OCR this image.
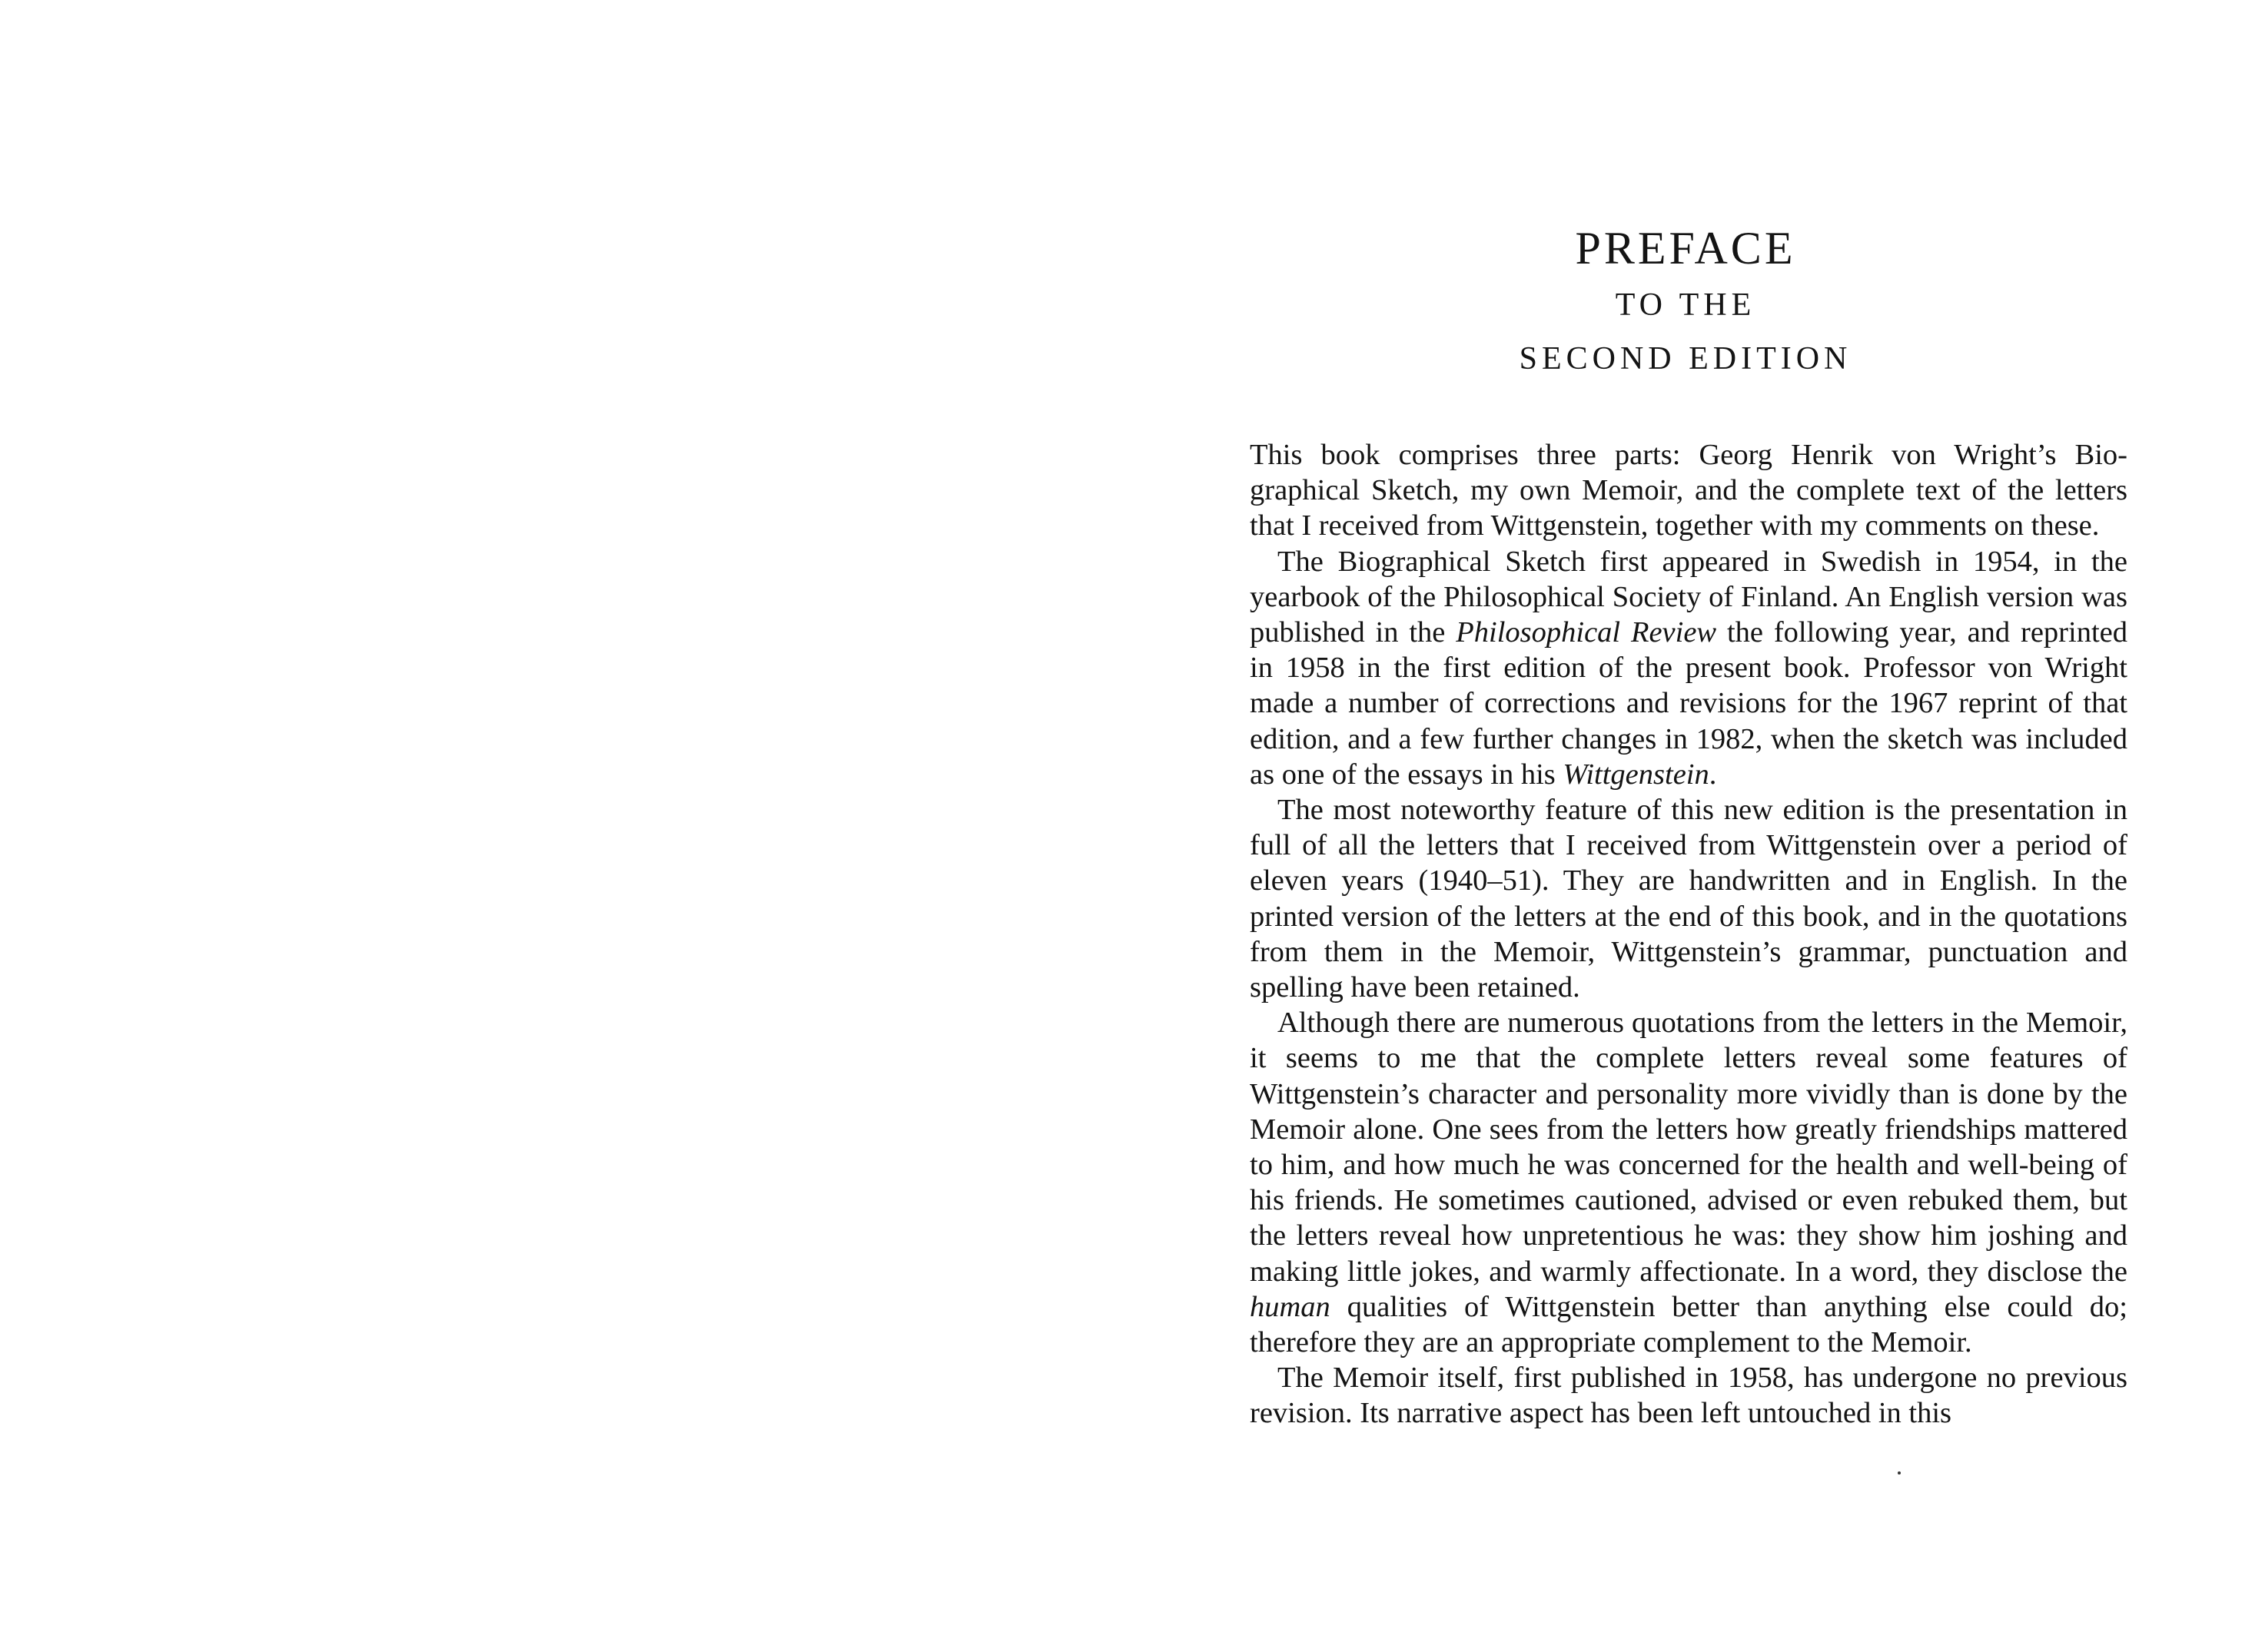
PREFACE
TO THE
SECOND EDITION

This book comprises three parts: Georg Henrik von Wright’s Biographical Sketch, my own Memoir, and the complete text of the letters that I received from Wittgenstein, together with my comments on these.

The Biographical Sketch first appeared in Swedish in 1954, in the yearbook of the Philosophical Society of Finland. An English version was published in the Philosophical Review the following year, and reprinted in 1958 in the first edition of the present book. Professor von Wright made a number of corrections and revisions for the 1967 reprint of that edition, and a few further changes in 1982, when the sketch was included as one of the essays in his Wittgenstein.

The most noteworthy feature of this new edition is the presentation in full of all the letters that I received from Wittgenstein over a period of eleven years (1940–51). They are handwritten and in English. In the printed version of the letters at the end of this book, and in the quotations from them in the Memoir, Wittgenstein’s grammar, punctuation and spelling have been retained.

Although there are numerous quotations from the letters in the Memoir, it seems to me that the complete letters reveal some features of Wittgenstein’s character and personality more vividly than is done by the Memoir alone. One sees from the letters how greatly friendships mattered to him, and how much he was concerned for the health and well-being of his friends. He sometimes cautioned, advised or even rebuked them, but the letters reveal how unpretentious he was: they show him joshing and making little jokes, and warmly affectionate. In a word, they disclose the human qualities of Wittgenstein better than anything else could do; therefore they are an appropriate complement to the Memoir.

The Memoir itself, first published in 1958, has undergone no previous revision. Its narrative aspect has been left untouched in this
